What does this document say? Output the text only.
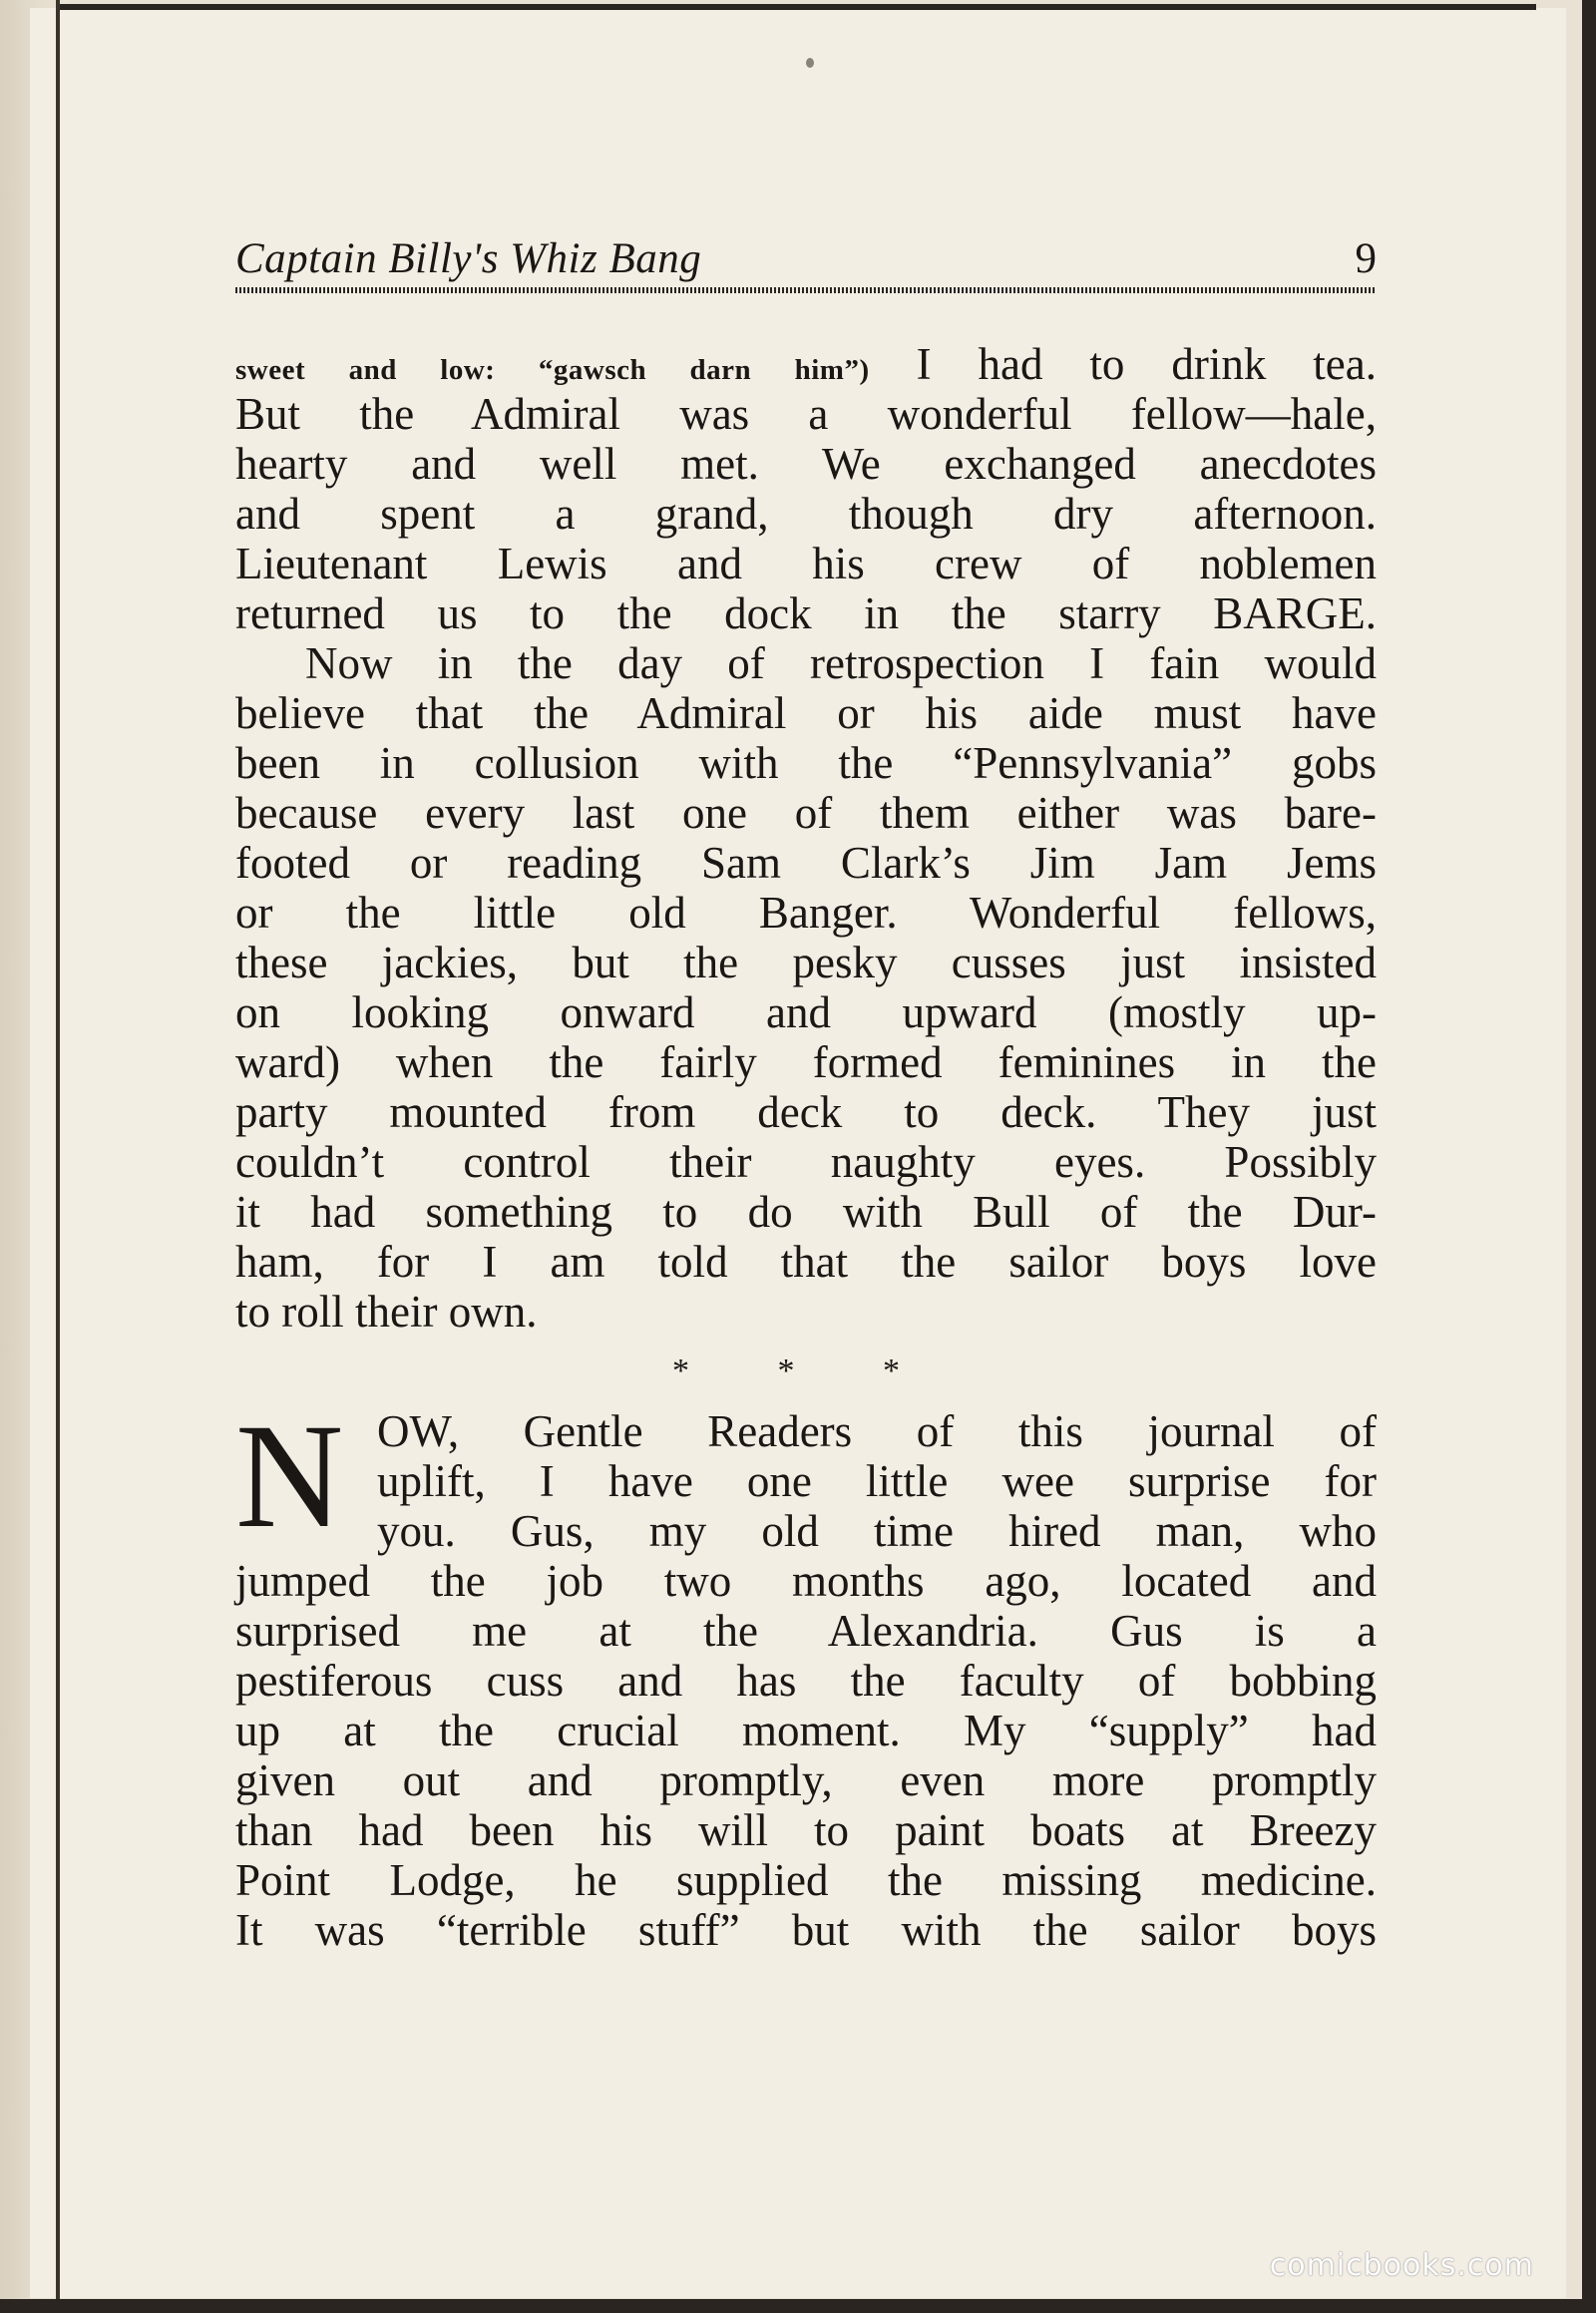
Captain Billy's Whiz Bang	9
sweet and low: “gawsch darn him”) I had to drink tea.
But the Admiral was a wonderful fellow—hale,
hearty and well met. We exchanged anecdotes
and spent a grand, though dry afternoon.
Lieutenant Lewis and his crew of noblemen
returned us to the dock in the starry BARGE.
Now in the day of retrospection I fain would
believe that the Admiral or his aide must have
been in collusion with the “Pennsylvania” gobs
because every last one of them either was bare-
footed or reading Sam Clark’s Jim Jam Jems
or the little old Banger. Wonderful fellows,
these jackies, but the pesky cusses just insisted
on looking onward and upward (mostly up-
ward) when the fairly formed feminines in the
party mounted from deck to deck. They just
couldn’t control their naughty eyes. Possibly
it had something to do with Bull of the Dur-
ham, for I am told that the sailor boys love
to roll their own.
* * *
N OW, Gentle Readers of this journal of
uplift, I have one little wee surprise for
you. Gus, my old time hired man, who
jumped the job two months ago, located and
surprised me at the Alexandria. Gus is a
pestiferous cuss and has the faculty of bobbing
up at the crucial moment. My “supply” had
given out and promptly, even more promptly
than had been his will to paint boats at Breezy
Point Lodge, he supplied the missing medicine.
It was “terrible stuff” but with the sailor boys
comicbooks.com
